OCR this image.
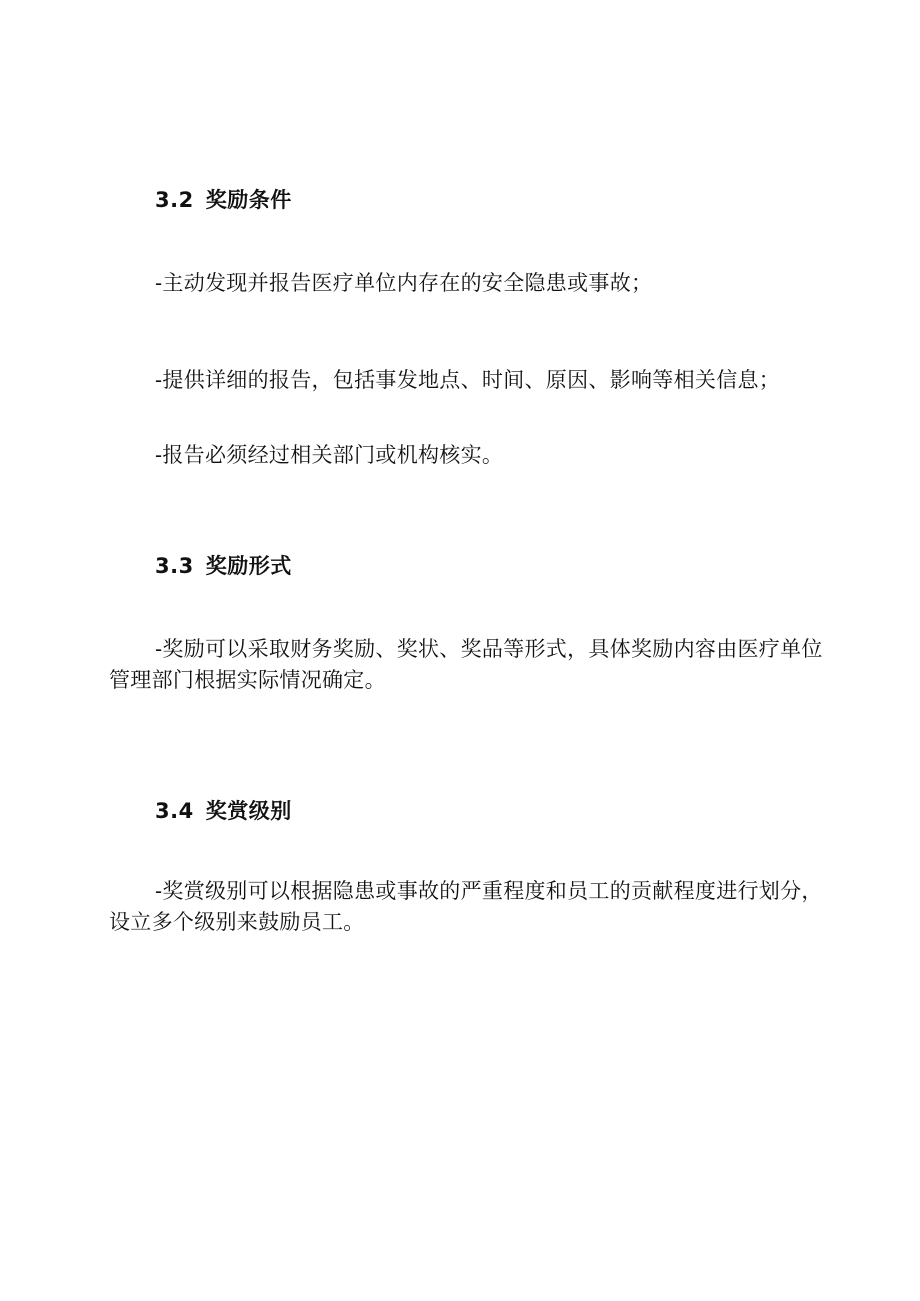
3.2 奖励条件

-主动发现并报告医疗单位内存在的安全隐患或事故；

-提供详细的报告，包括事发地点、时间、原因、影响等相关信息；

-报告必须经过相关部门或机构核实。

3.3 奖励形式

-奖励可以采取财务奖励、奖状、奖品等形式，具体奖励内容由医疗单位管理部门根据实际情况确定。

3.4 奖赏级别

-奖赏级别可以根据隐患或事故的严重程度和员工的贡献程度进行划分，设立多个级别来鼓励员工。
